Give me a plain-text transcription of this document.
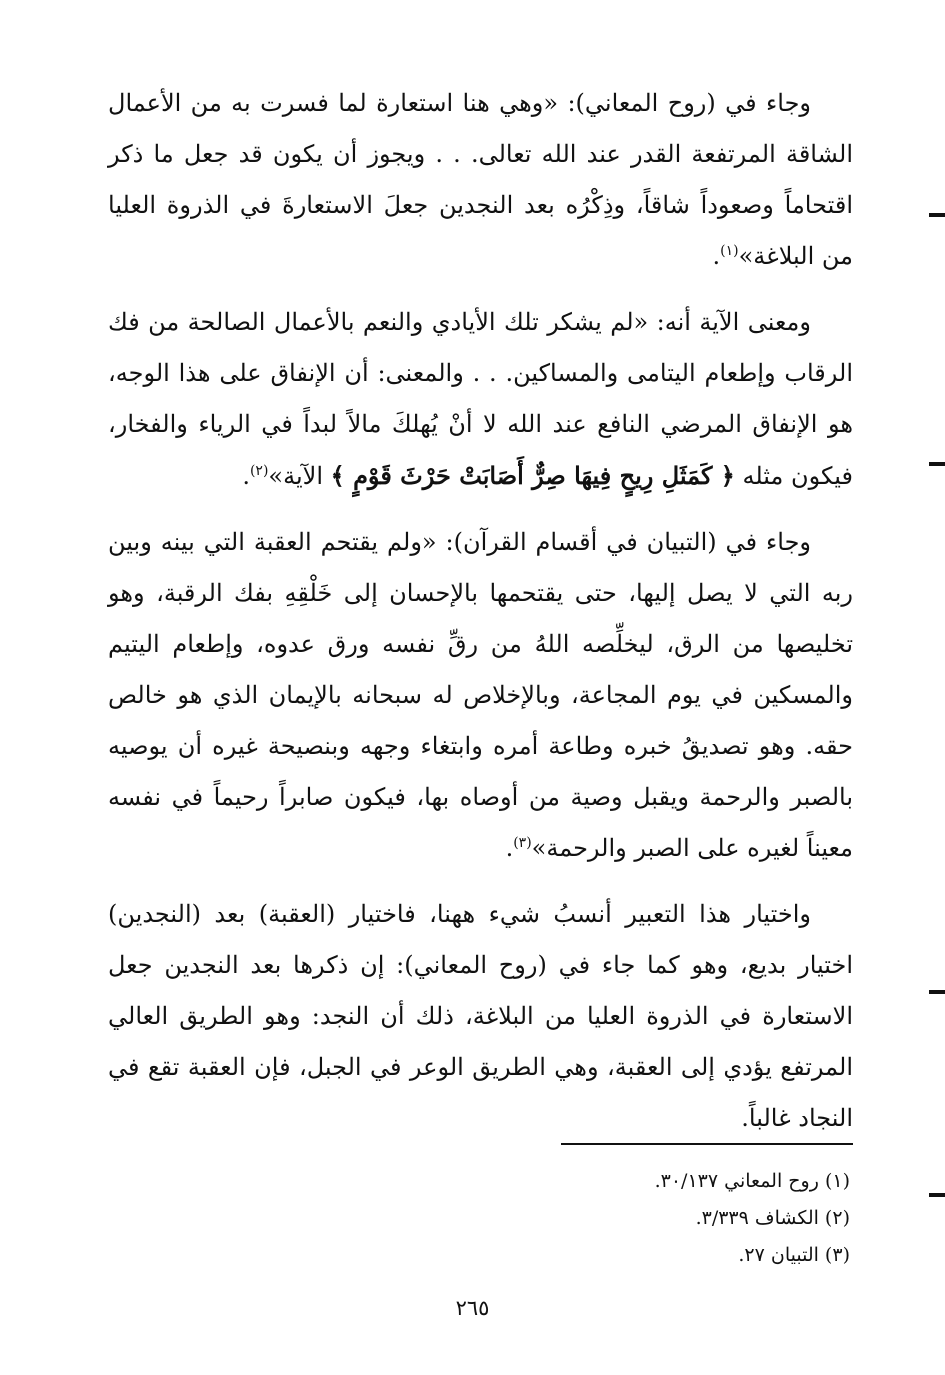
وجاء في (روح المعاني): «وهي هنا استعارة لما فسرت به من الأعمال الشاقة المرتفعة القدر عند الله تعالى. . . ويجوز أن يكون قد جعل ما ذكر اقتحاماً وصعوداً شاقاً، وذِكْرُه بعد النجدين جعلَ الاستعارةَ في الذروة العليا من البلاغة»$^{(١)}$.

ومعنى الآية أنه: «لم يشكر تلك الأيادي والنعم بالأعمال الصالحة من فك الرقاب وإطعام اليتامى والمساكين. . . والمعنى: أن الإنفاق على هذا الوجه، هو الإنفاق المرضي النافع عند الله لا أنْ يُهلكَ مالاً لبداً في الرياء والفخار، فيكون مثله ﴿ كَمَثَلِ رِيحٍ فِيهَا صِرٌّ أَصَابَتْ حَرْثَ قَوْمٍ ﴾ الآية»$^{(٢)}$.

وجاء في (التبيان في أقسام القرآن): «ولم يقتحم العقبة التي بينه وبين ربه التي لا يصل إليها، حتى يقتحمها بالإحسان إلى خَلْقِهِ بفك الرقبة، وهو تخليصها من الرق، ليخلِّصه اللهُ من رقِّ نفسه ورق عدوه، وإطعام اليتيم والمسكين في يوم المجاعة، وبالإخلاص له سبحانه بالإيمان الذي هو خالص حقه. وهو تصديقُ خبره وطاعة أمره وابتغاء وجهه وبنصيحة غيره أن يوصيه بالصبر والرحمة ويقبل وصية من أوصاه بها، فيكون صابراً رحيماً في نفسه معيناً لغيره على الصبر والرحمة»$^{(٣)}$.

واختيار هذا التعبير أنسبُ شيء ههنا، فاختيار (العقبة) بعد (النجدين) اختيار بديع، وهو كما جاء في (روح المعاني): إن ذكرها بعد النجدين جعل الاستعارة في الذروة العليا من البلاغة، ذلك أن النجد: وهو الطريق العالي المرتفع يؤدي إلى العقبة، وهي الطريق الوعر في الجبل، فإن العقبة تقع في النجاد غالباً.

(١) روح المعاني ٣٠/١٣٧.

(٢) الكشاف ٣/٣٣٩.

(٣) التبيان ٢٧.

٢٦٥
